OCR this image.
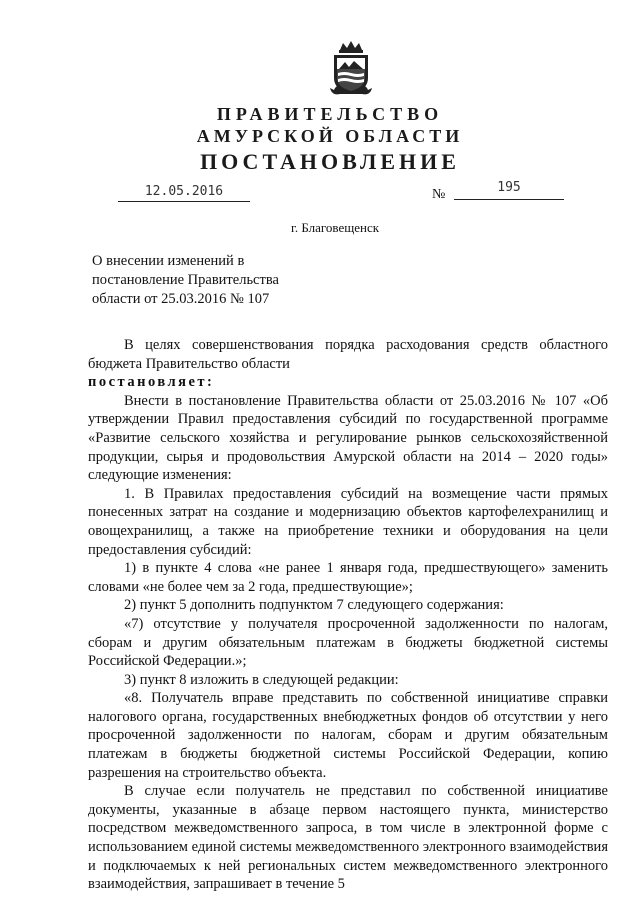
ПРАВИТЕЛЬСТВО
АМУРСКОЙ ОБЛАСТИ
ПОСТАНОВЛЕНИЕ
12.05.2016	№	195
г. Благовещенск
О внесении изменений в
постановление Правительства
области от 25.03.2016 № 107

В целях совершенствования порядка расходования средств областного бюджета Правительство области

постановляет:

Внести в постановление Правительства области от 25.03.2016 № 107 «Об утверждении Правил предоставления субсидий по государственной программе «Развитие сельского хозяйства и регулирование рынков сельскохозяйственной продукции, сырья и продовольствия Амурской области на 2014 – 2020 годы» следующие изменения:

1. В Правилах предоставления субсидий на возмещение части прямых понесенных затрат на создание и модернизацию объектов картофелехранилищ и овощехранилищ, а также на приобретение техники и оборудования на цели предоставления субсидий:

1) в пункте 4 слова «не ранее 1 января года, предшествующего» заменить словами «не более чем за 2 года, предшествующие»;

2) пункт 5 дополнить подпунктом 7 следующего содержания:

«7) отсутствие у получателя просроченной задолженности по налогам, сборам и другим обязательным платежам в бюджеты бюджетной системы Российской Федерации.»;

3) пункт 8 изложить в следующей редакции:

«8. Получатель вправе представить по собственной инициативе справки налогового органа, государственных внебюджетных фондов об отсутствии у него просроченной задолженности по налогам, сборам и другим обязательным платежам в бюджеты бюджетной системы Российской Федерации, копию разрешения на строительство объекта.

В случае если получатель не представил по собственной инициативе документы, указанные в абзаце первом настоящего пункта, министерство посредством межведомственного запроса, в том числе в электронной форме с использованием единой системы межведомственного электронного взаимодействия и подключаемых к ней региональных систем межведомственного электронного взаимодействия, запрашивает в течение 5
